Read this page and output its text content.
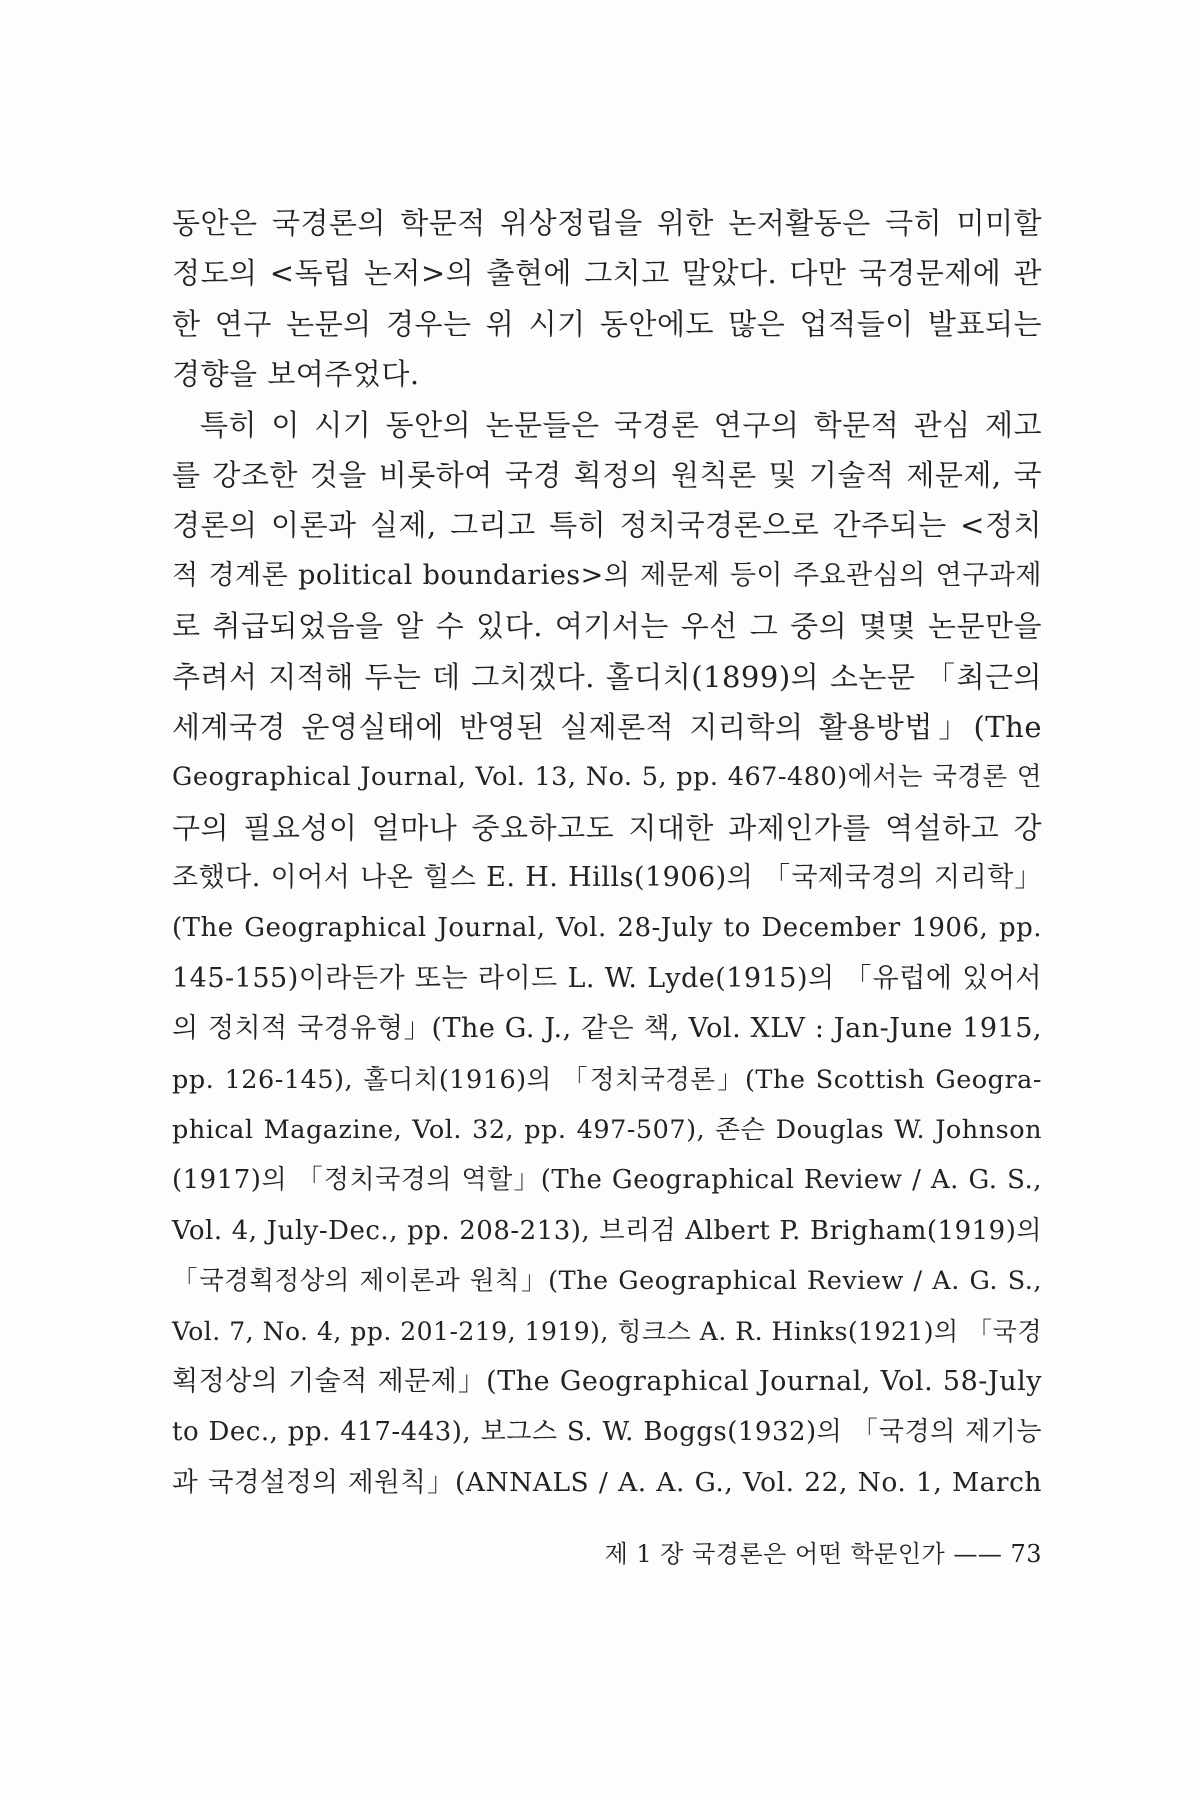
동안은 국경론의 학문적 위상정립을 위한 논저활동은 극히 미미할
정도의 <독립 논저>의 출현에 그치고 말았다. 다만 국경문제에 관
한 연구 논문의 경우는 위 시기 동안에도 많은 업적들이 발표되는
경향을 보여주었다.
특히 이 시기 동안의 논문들은 국경론 연구의 학문적 관심 제고
를 강조한 것을 비롯하여 국경 획정의 원칙론 및 기술적 제문제, 국
경론의 이론과 실제, 그리고 특히 정치국경론으로 간주되는 <정치
적 경계론 political boundaries>의 제문제 등이 주요관심의 연구과제
로 취급되었음을 알 수 있다. 여기서는 우선 그 중의 몇몇 논문만을
추려서 지적해 두는 데 그치겠다. 홀디치(1899)의 소논문 「최근의
세계국경 운영실태에 반영된 실제론적 지리학의 활용방법」(The
Geographical Journal, Vol. 13, No. 5, pp. 467-480)에서는 국경론 연
구의 필요성이 얼마나 중요하고도 지대한 과제인가를 역설하고 강
조했다. 이어서 나온 힐스 E. H. Hills(1906)의 「국제국경의 지리학」
(The Geographical Journal, Vol. 28-July to December 1906, pp.
145-155)이라든가 또는 라이드 L. W. Lyde(1915)의 「유럽에 있어서
의 정치적 국경유형」(The G. J., 같은 책, Vol. XLV : Jan-June 1915,
pp. 126-145), 홀디치(1916)의 「정치국경론」(The Scottish Geogra-
phical Magazine, Vol. 32, pp. 497-507), 존슨 Douglas W. Johnson
(1917)의 「정치국경의 역할」(The Geographical Review / A. G. S.,
Vol. 4, July-Dec., pp. 208-213), 브리검 Albert P. Brigham(1919)의
「국경획정상의 제이론과 원칙」(The Geographical Review / A. G. S.,
Vol. 7, No. 4, pp. 201-219, 1919), 힝크스 A. R. Hinks(1921)의 「국경
획정상의 기술적 제문제」(The Geographical Journal, Vol. 58-July
to Dec., pp. 417-443), 보그스 S. W. Boggs(1932)의 「국경의 제기능
과 국경설정의 제원칙」(ANNALS / A. A. G., Vol. 22, No. 1, March
제 1 장 국경론은 어떤 학문인가 —— 73
